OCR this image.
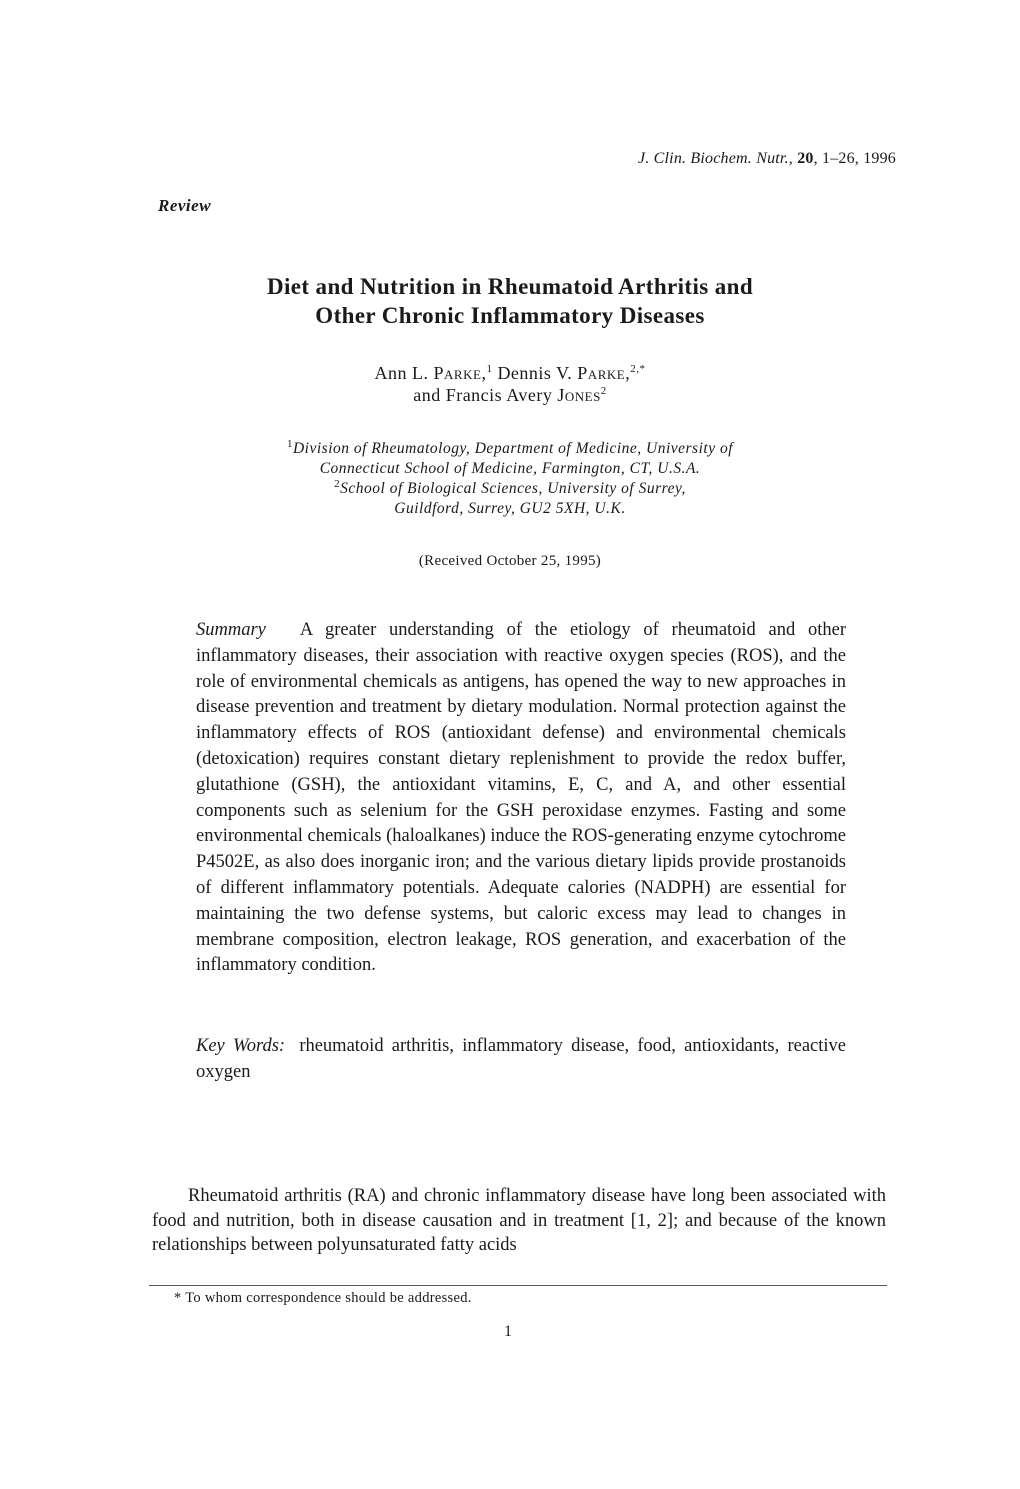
J. Clin. Biochem. Nutr., 20, 1–26, 1996
Review
Diet and Nutrition in Rheumatoid Arthritis and
Other Chronic Inflammatory Diseases
Ann L. Parke,$^1$ Dennis V. Parke,$^{2,*}$
and Francis Avery Jones$^2$
$^1$Division of Rheumatology, Department of Medicine, University of
Connecticut School of Medicine, Farmington, CT, U.S.A.
$^2$School of Biological Sciences, University of Surrey,
Guildford, Surrey, GU2 5XH, U.K.
(Received October 25, 1995)
Summary A greater understanding of the etiology of rheumatoid and other inflammatory diseases, their association with reactive oxygen species (ROS), and the role of environmental chemicals as antigens, has opened the way to new approaches in disease prevention and treatment by dietary modulation. Normal protection against the inflammatory effects of ROS (antioxidant defense) and environmental chemicals (detoxication) requires constant dietary replenishment to provide the redox buffer, glutathione (GSH), the antioxidant vitamins, E, C, and A, and other essential components such as selenium for the GSH peroxidase enzymes. Fasting and some environmental chemicals (haloalkanes) induce the ROS-generating enzyme cytochrome P4502E, as also does inorganic iron; and the various dietary lipids provide prostanoids of different inflammatory potentials. Adequate calories (NADPH) are essential for maintaining the two defense systems, but caloric excess may lead to changes in membrane composition, electron leakage, ROS generation, and exacerbation of the inflammatory condition.
Key Words: rheumatoid arthritis, inflammatory disease, food, antioxidants, reactive oxygen
Rheumatoid arthritis (RA) and chronic inflammatory disease have long been associated with food and nutrition, both in disease causation and in treatment [1, 2]; and because of the known relationships between polyunsaturated fatty acids
* To whom correspondence should be addressed.
1
